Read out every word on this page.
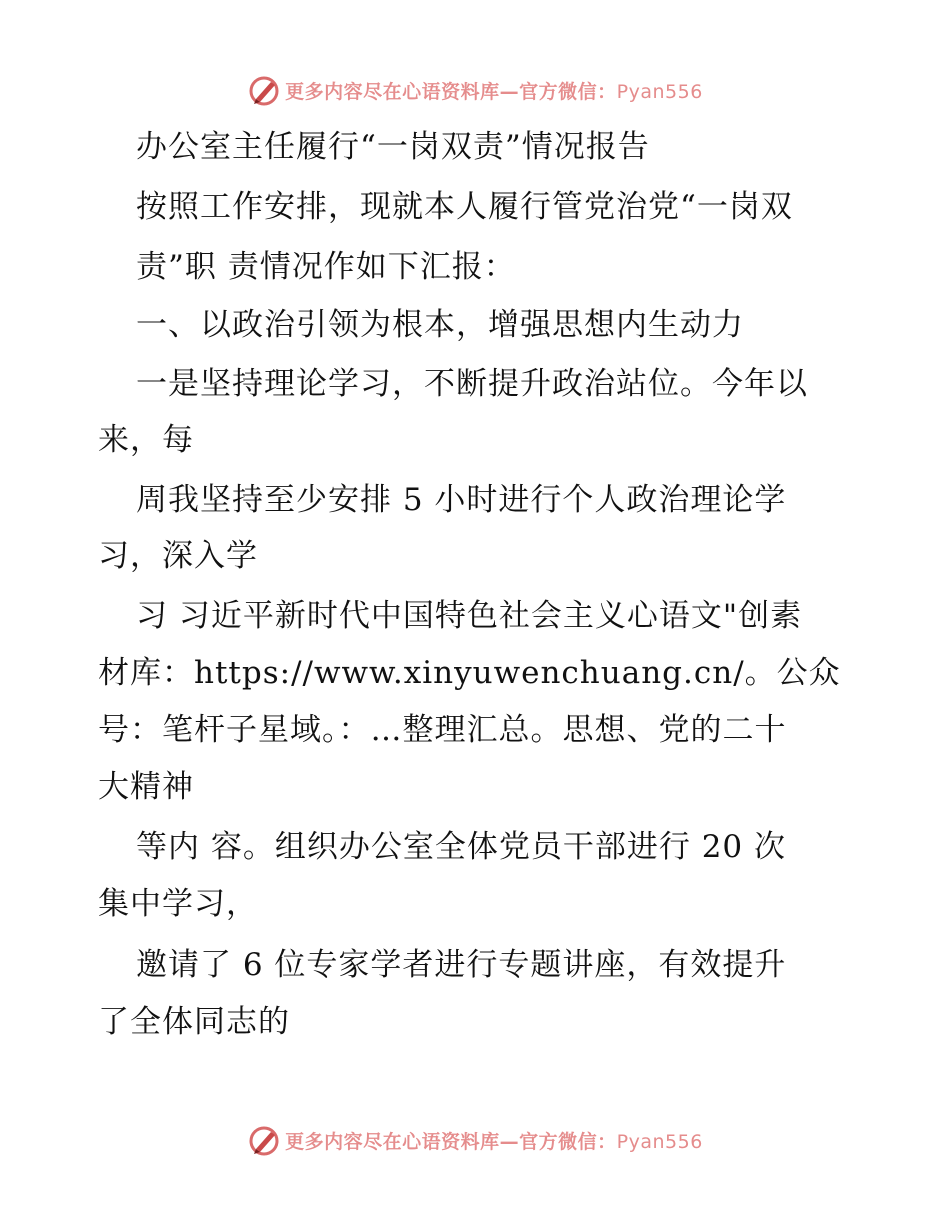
更多内容尽在心语资料库—官方微信：Pyan556
办公室主任履行“一岗双责”情况报告
按照工作安排，现就本人履行管党治党“一岗双
责”职 责情况作如下汇报：
一、以政治引领为根本，增强思想内生动力
一是坚持理论学习，不断提升政治站位。今年以
来，每
周我坚持至少安排 5 小时进行个人政治理论学
习，深入学
习 习近平新时代中国特色社会主义心语文"创素
材库：https://www.xinyuwenchuang.cn/。公众
号：笔杆子星域。：…整理汇总。思想、党的二十
大精神
等内 容。组织办公室全体党员干部进行 20 次
集中学习，
邀请了 6 位专家学者进行专题讲座，有效提升
了全体同志的
更多内容尽在心语资料库—官方微信：Pyan556
